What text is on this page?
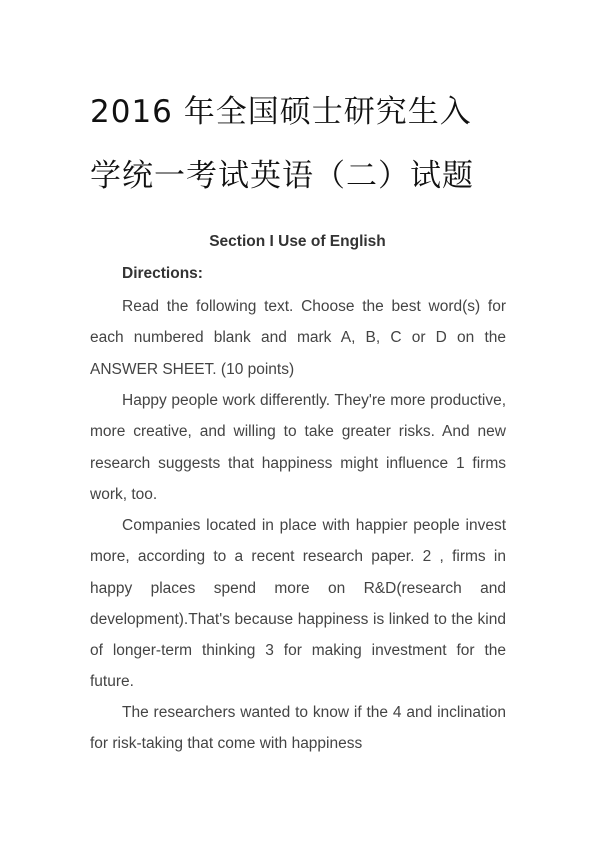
2016 年全国硕士研究生入
学统一考试英语（二）试题
Section I Use of English
Directions:

Read the following text. Choose the best word(s) for each numbered blank and mark A, B, C or D on the ANSWER SHEET. (10 points)

Happy people work differently. They're more productive, more creative, and willing to take greater risks. And new research suggests that happiness might influence 1 firms work, too.

Companies located in place with happier people invest more, according to a recent research paper. 2 , firms in happy places spend more on R&D(research and development).That's because happiness is linked to the kind of longer-term thinking 3 for making investment for the future.

The researchers wanted to know if the 4 and inclination for risk-taking that come with happiness
